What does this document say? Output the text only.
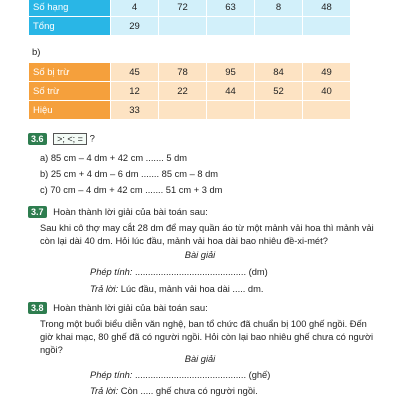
Số hạng	4	72	63	8	48
Tổng	29				
b)
Số bị trừ	45	78	95	84	49
Số trừ	12	22	44	52	40
Hiệu	33				
3.6 >; <; = ?
a) 85 cm – 4 dm + 42 cm ....... 5 dm
b) 25 cm + 4 dm – 6 dm ....... 85 cm – 8 dm
c) 70 cm – 4 dm + 42 cm ....... 51 cm + 3 dm
3.7 Hoàn thành lời giải của bài toán sau:
Sau khi cô thợ may cắt 28 dm để may quần áo từ một mảnh vải hoa thì mảnh vải còn lại dài 40 dm. Hỏi lúc đầu, mảnh vải hoa dài bao nhiêu đề-xi-mét?
Bài giải
Phép tính: ........................................... (dm)
Trả lời: Lúc đầu, mảnh vải hoa dài ..... dm.
3.8 Hoàn thành lời giải của bài toán sau:
Trong một buổi biểu diễn văn nghệ, ban tổ chức đã chuẩn bị 100 ghế ngồi. Đến giờ khai mạc, 80 ghế đã có người ngồi. Hỏi còn lại bao nhiêu ghế chưa có người ngồi?
Bài giải
Phép tính: ........................................... (ghế)
Trả lời: Còn ..... ghế chưa có người ngồi.
